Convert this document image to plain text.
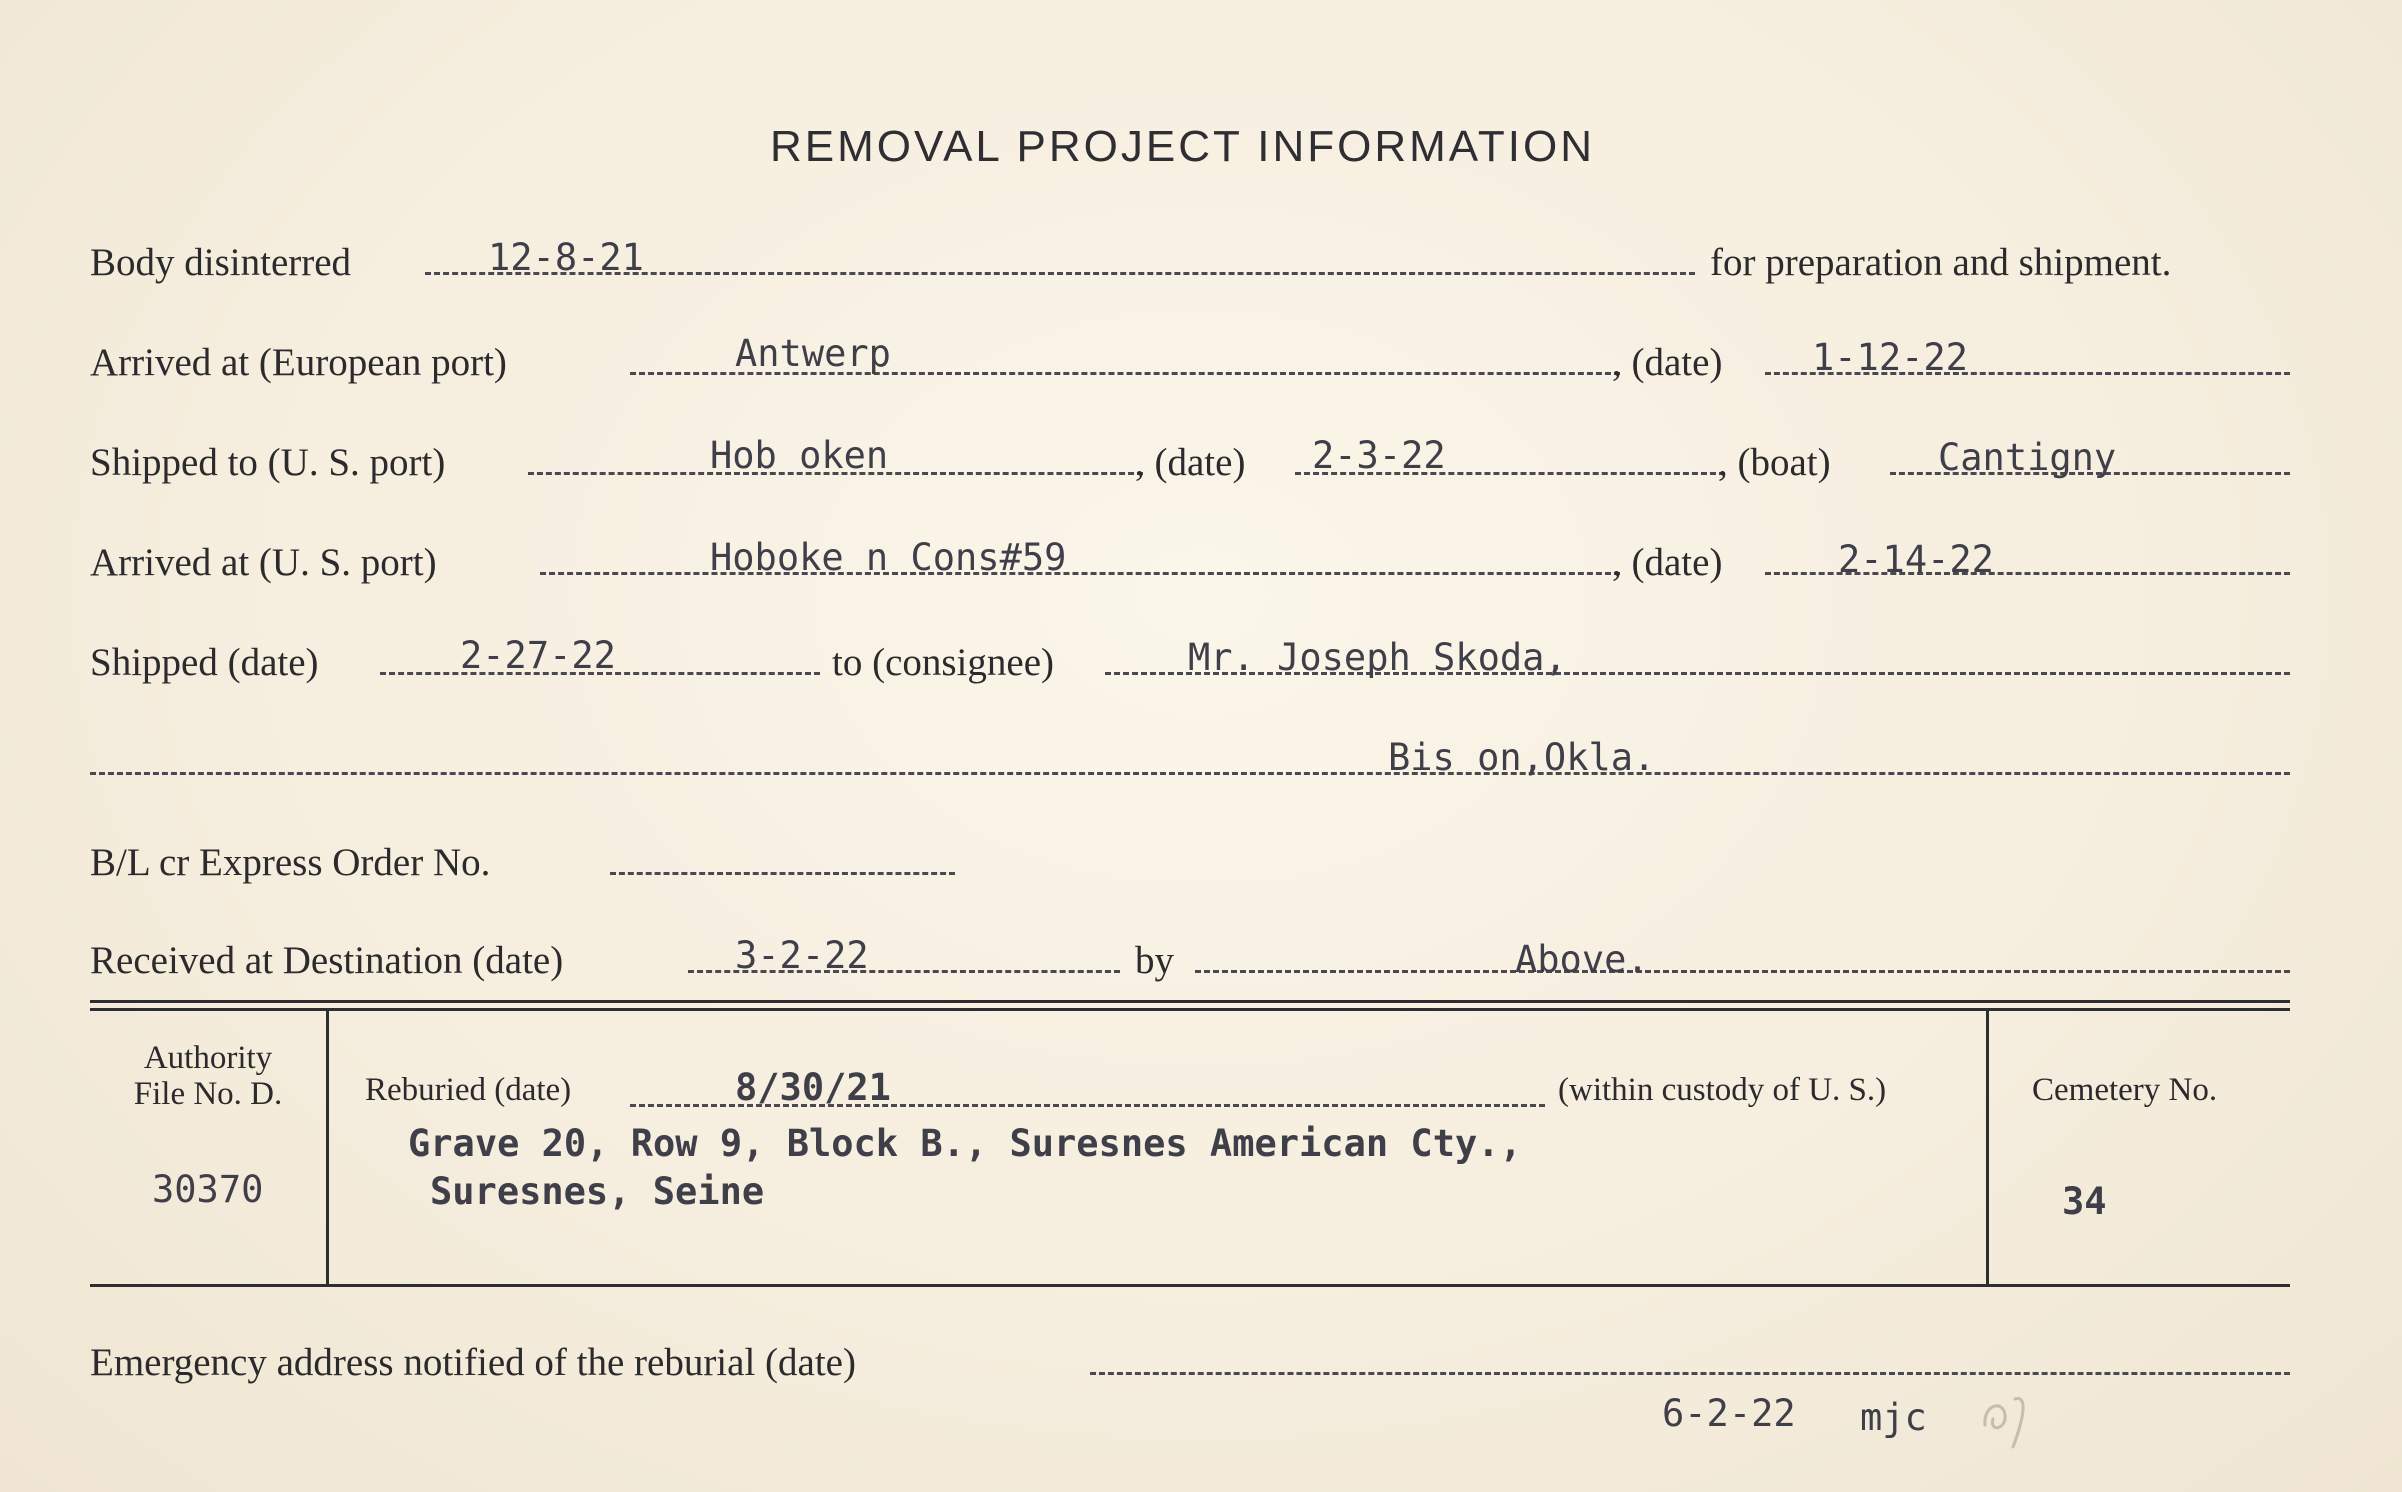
REMOVAL PROJECT INFORMATION
Body disinterred	12-8-21	for preparation and shipment.
Arrived at (European port)	Antwerp	, (date) 1-12-22
Shipped to (U. S. port)	Hob oken	, (date) 2-3-22	, (boat)	Cantigny
Arrived at (U. S. port)	Hoboke n Cons#59	, (date)	2-14-22
Shipped (date)	2-27-22	to (consignee)	Mr. Joseph Skoda,
Bis on,Okla.
B/L cr Express Order No.
Received at Destination (date)	3-2-22	by	Above.
Authority
File No. D.
30370
Reburied (date)	8/30/21	(within custody of U. S.)
Grave 20, Row 9, Block B., Suresnes American Cty.,
Suresnes, Seine
Cemetery No.
34
Emergency address notified of the reburial (date)
6-2-22 mjc
